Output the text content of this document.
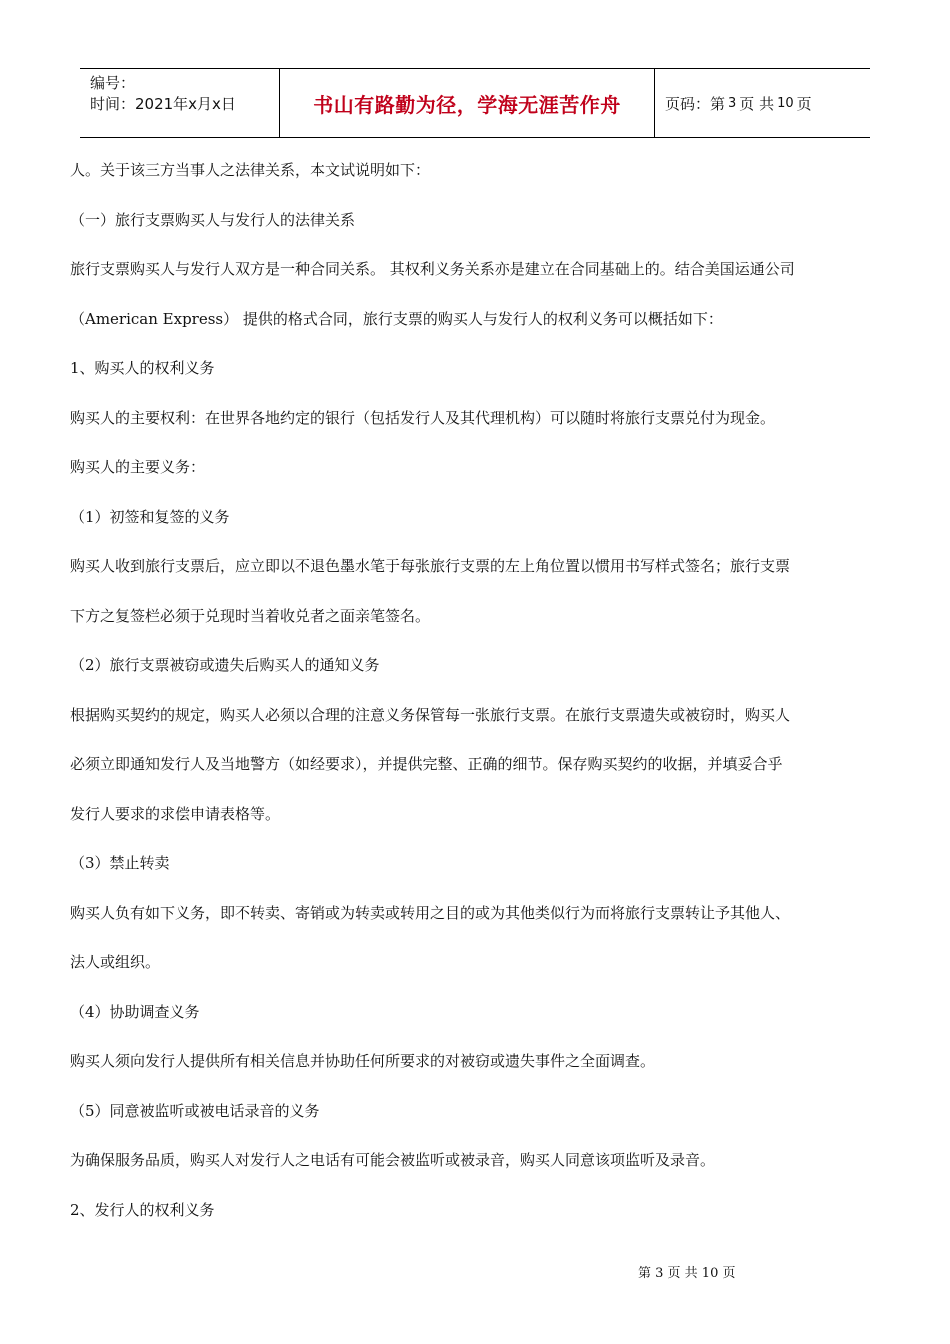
编号：
时间：2021年x月x日	书山有路勤为径，学海无涯苦作舟	页码：第 3 页 共 10 页

人。关于该三方当事人之法律关系，本文试说明如下：

（一）旅行支票购买人与发行人的法律关系

旅行支票购买人与发行人双方是一种合同关系。 其权利义务关系亦是建立在合同基础上的。结合美国运通公司

（American Express） 提供的格式合同，旅行支票的购买人与发行人的权利义务可以概括如下：

1、购买人的权利义务

购买人的主要权利：在世界各地约定的银行（包括发行人及其代理机构）可以随时将旅行支票兑付为现金。

购买人的主要义务：

（1）初签和复签的义务

购买人收到旅行支票后，应立即以不退色墨水笔于每张旅行支票的左上角位置以惯用书写样式签名；旅行支票

下方之复签栏必须于兑现时当着收兑者之面亲笔签名。

（2）旅行支票被窃或遗失后购买人的通知义务

根据购买契约的规定，购买人必须以合理的注意义务保管每一张旅行支票。在旅行支票遗失或被窃时，购买人

必须立即通知发行人及当地警方（如经要求），并提供完整、正确的细节。保存购买契约的收据，并填妥合乎

发行人要求的求偿申请表格等。

（3）禁止转卖

购买人负有如下义务，即不转卖、寄销或为转卖或转用之目的或为其他类似行为而将旅行支票转让予其他人、

法人或组织。

（4）协助调查义务

购买人须向发行人提供所有相关信息并协助任何所要求的对被窃或遗失事件之全面调查。

（5）同意被监听或被电话录音的义务

为确保服务品质，购买人对发行人之电话有可能会被监听或被录音，购买人同意该项监听及录音。

2、发行人的权利义务

第 3 页 共 10 页
